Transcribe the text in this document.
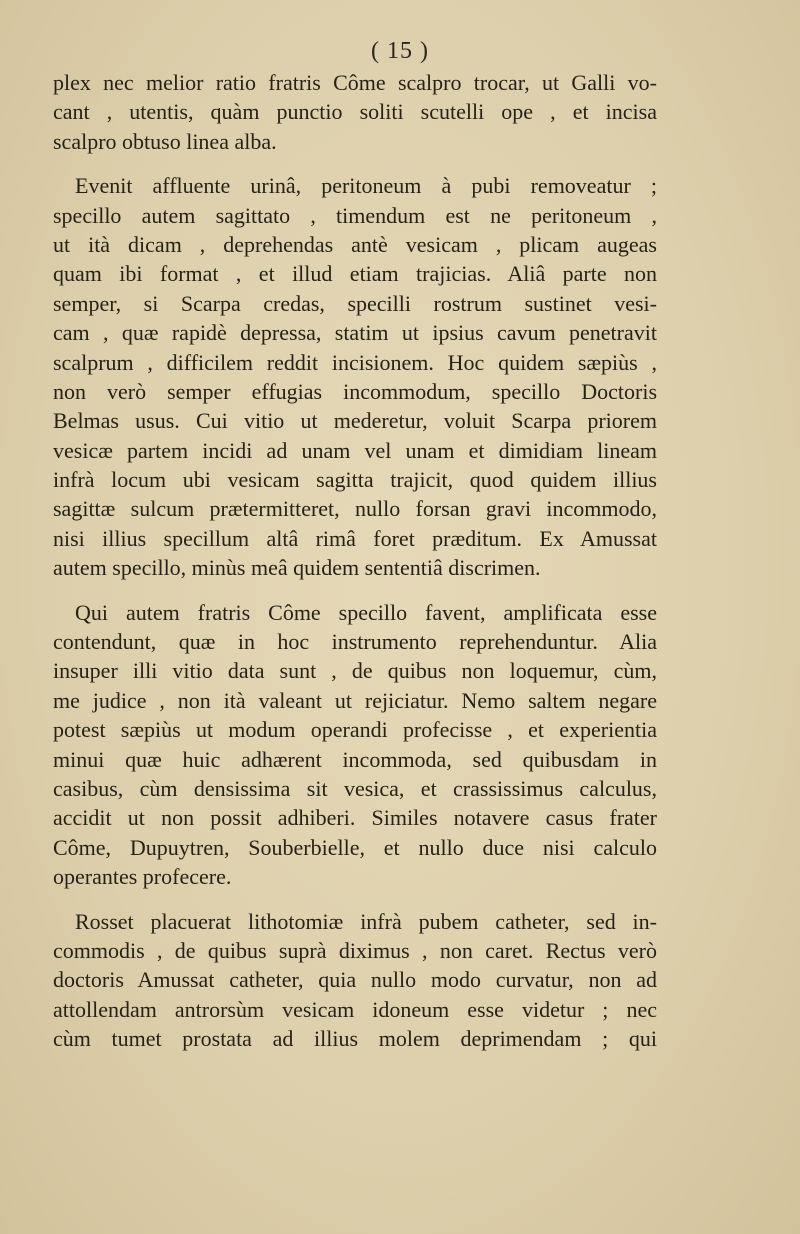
( 15 )
plex nec melior ratio fratris Côme scalpro trocar, ut Galli vo-
cant , utentis, quàm punctio soliti scutelli ope , et incisa
scalpro obtuso linea alba.
Evenit affluente urinâ, peritoneum à pubi removeatur ;
specillo autem sagittato , timendum est ne peritoneum ,
ut ità dicam , deprehendas antè vesicam , plicam augeas
quam ibi format , et illud etiam trajicias. Aliâ parte non
semper, si Scarpa credas, specilli rostrum sustinet vesi-
cam , quæ rapidè depressa, statim ut ipsius cavum penetravit
scalprum , difficilem reddit incisionem. Hoc quidem sæpiùs ,
non verò semper effugias incommodum, specillo Doctoris
Belmas usus. Cui vitio ut mederetur, voluit Scarpa priorem
vesicæ partem incidi ad unam vel unam et dimidiam lineam
infrà locum ubi vesicam sagitta trajicit, quod quidem illius
sagittæ sulcum prætermitteret, nullo forsan gravi incommodo,
nisi illius specillum altâ rimâ foret præditum. Ex Amussat
autem specillo, minùs meâ quidem sententiâ discrimen.
Qui autem fratris Côme specillo favent, amplificata esse
contendunt, quæ in hoc instrumento reprehenduntur. Alia
insuper illi vitio data sunt , de quibus non loquemur, cùm,
me judice , non ità valeant ut rejiciatur. Nemo saltem negare
potest sæpiùs ut modum operandi profecisse , et experientia
minui quæ huic adhærent incommoda, sed quibusdam in
casibus, cùm densissima sit vesica, et crassissimus calculus,
accidit ut non possit adhiberi. Similes notavere casus frater
Côme, Dupuytren, Souberbielle, et nullo duce nisi calculo
operantes profecere.
Rosset placuerat lithotomiæ infrà pubem catheter, sed in-
commodis , de quibus suprà diximus , non caret. Rectus verò
doctoris Amussat catheter, quia nullo modo curvatur, non ad
attollendam antrorsùm vesicam idoneum esse videtur ; nec
cùm tumet prostata ad illius molem deprimendam ; qui
